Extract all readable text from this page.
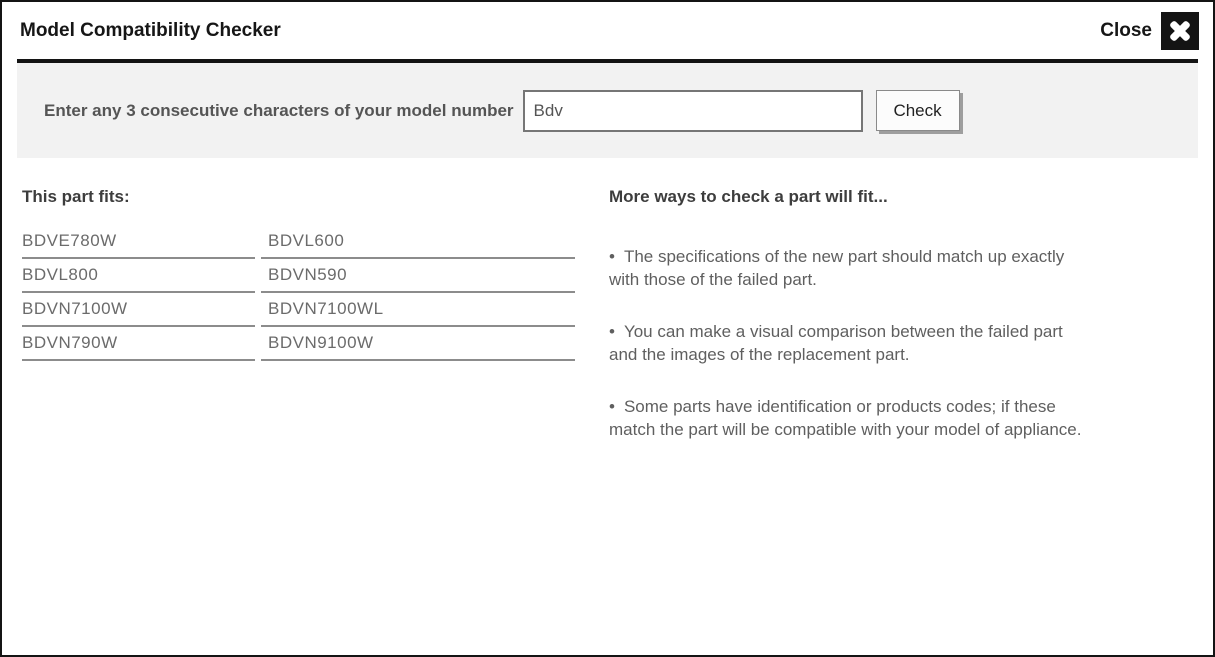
Model Compatibility Checker	Close
Enter any 3 consecutive characters of your model number
Bdv	Check
This part fits:
BDVE780W	BDVL600
BDVL800	BDVN590
BDVN7100W	BDVN7100WL
BDVN790W	BDVN9100W
More ways to check a part will fit...

• The specifications of the new part should match up exactly with those of the failed part.

• You can make a visual comparison between the failed part and the images of the replacement part.

• Some parts have identification or products codes; if these match the part will be compatible with your model of appliance.
